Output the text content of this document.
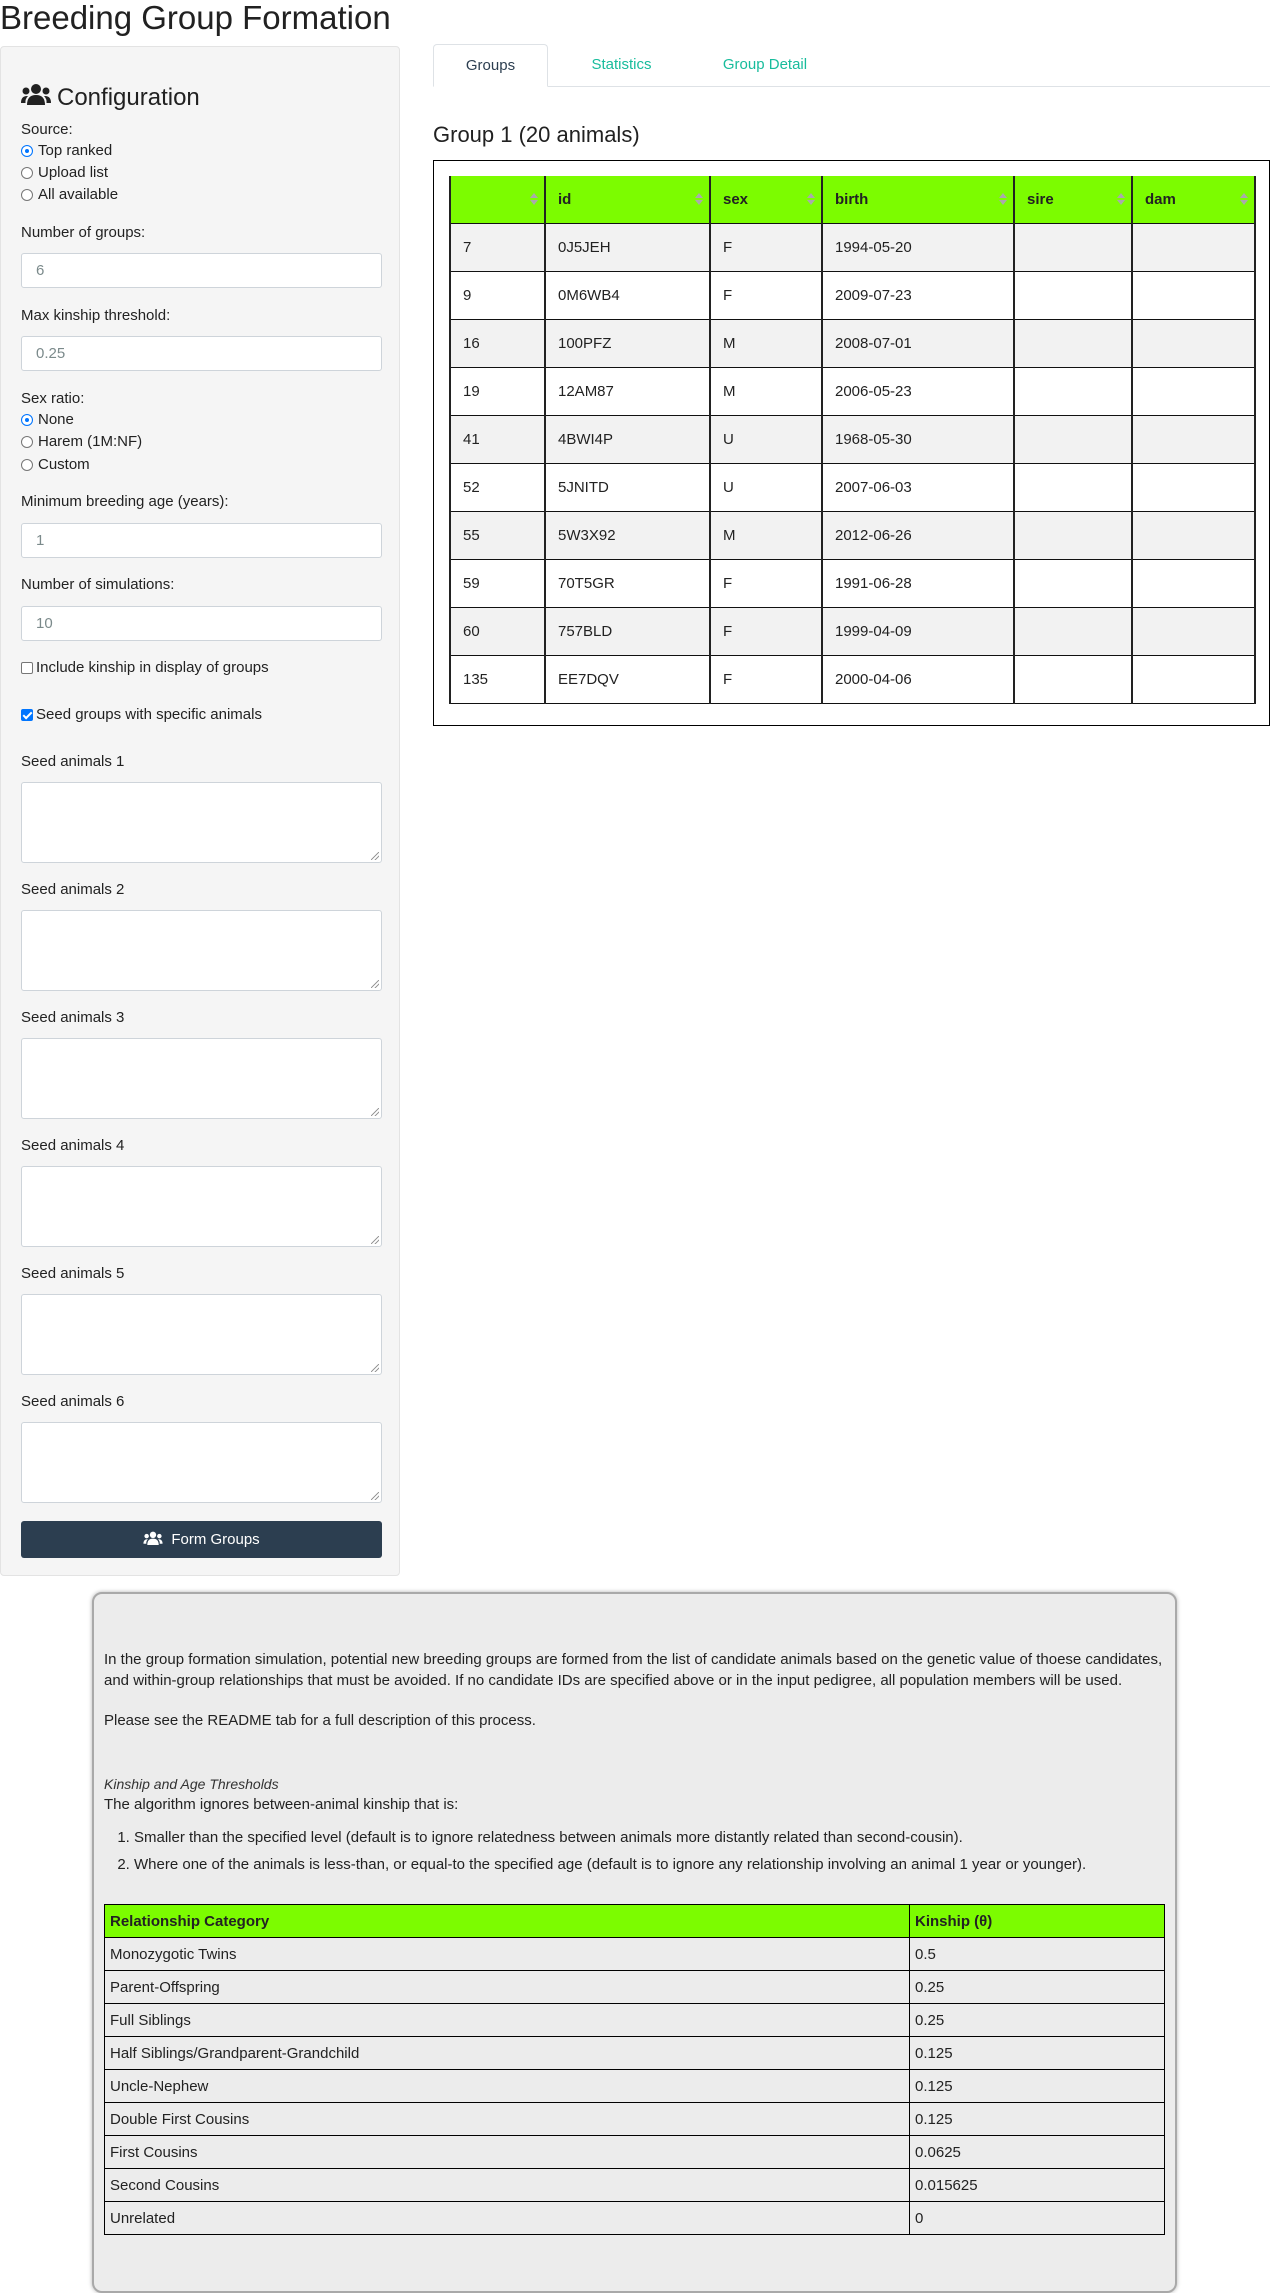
Breeding Group Formation
Configuration
Source:
Top ranked
Upload list
All available
Number of groups:
6
Max kinship threshold:
0.25
Sex ratio:
None
Harem (1M:NF)
Custom
Minimum breeding age (years):
1
Number of simulations:
10
Include kinship in display of groups
Seed groups with specific animals
Seed animals 1
Seed animals 2
Seed animals 3
Seed animals 4
Seed animals 5
Seed animals 6
Form Groups
Groups	Statistics	Group Detail
Group 1 (20 animals)
	id	sex	birth	sire	dam

7	0J5JEH	F	1994-05-20		
9	0M6WB4	F	2009-07-23		
16	100PFZ	M	2008-07-01		
19	12AM87	M	2006-05-23		
41	4BWI4P	U	1968-05-30		
52	5JNITD	U	2007-06-03		
55	5W3X92	M	2012-06-26		
59	70T5GR	F	1991-06-28		
60	757BLD	F	1999-04-09		
135	EE7DQV	F	2000-04-06		

In the group formation simulation, potential new breeding groups are formed from the list of candidate animals based on the genetic value of thoese candidates, and within-group relationships that must be avoided. If no candidate IDs are specified above or in the input pedigree, all population members will be used.

Please see the README tab for a full description of this process.

Kinship and Age Thresholds

The algorithm ignores between-animal kinship that is:

1. Smaller than the specified level (default is to ignore relatedness between animals more distantly related than second-cousin).
2. Where one of the animals is less-than, or equal-to the specified age (default is to ignore any relationship involving an animal 1 year or younger).
Relationship Category	Kinship (θ)
Monozygotic Twins	0.5
Parent-Offspring	0.25
Full Siblings	0.25
Half Siblings/Grandparent-Grandchild	0.125
Uncle-Nephew	0.125
Double First Cousins	0.125
First Cousins	0.0625
Second Cousins	0.015625
Unrelated	0
